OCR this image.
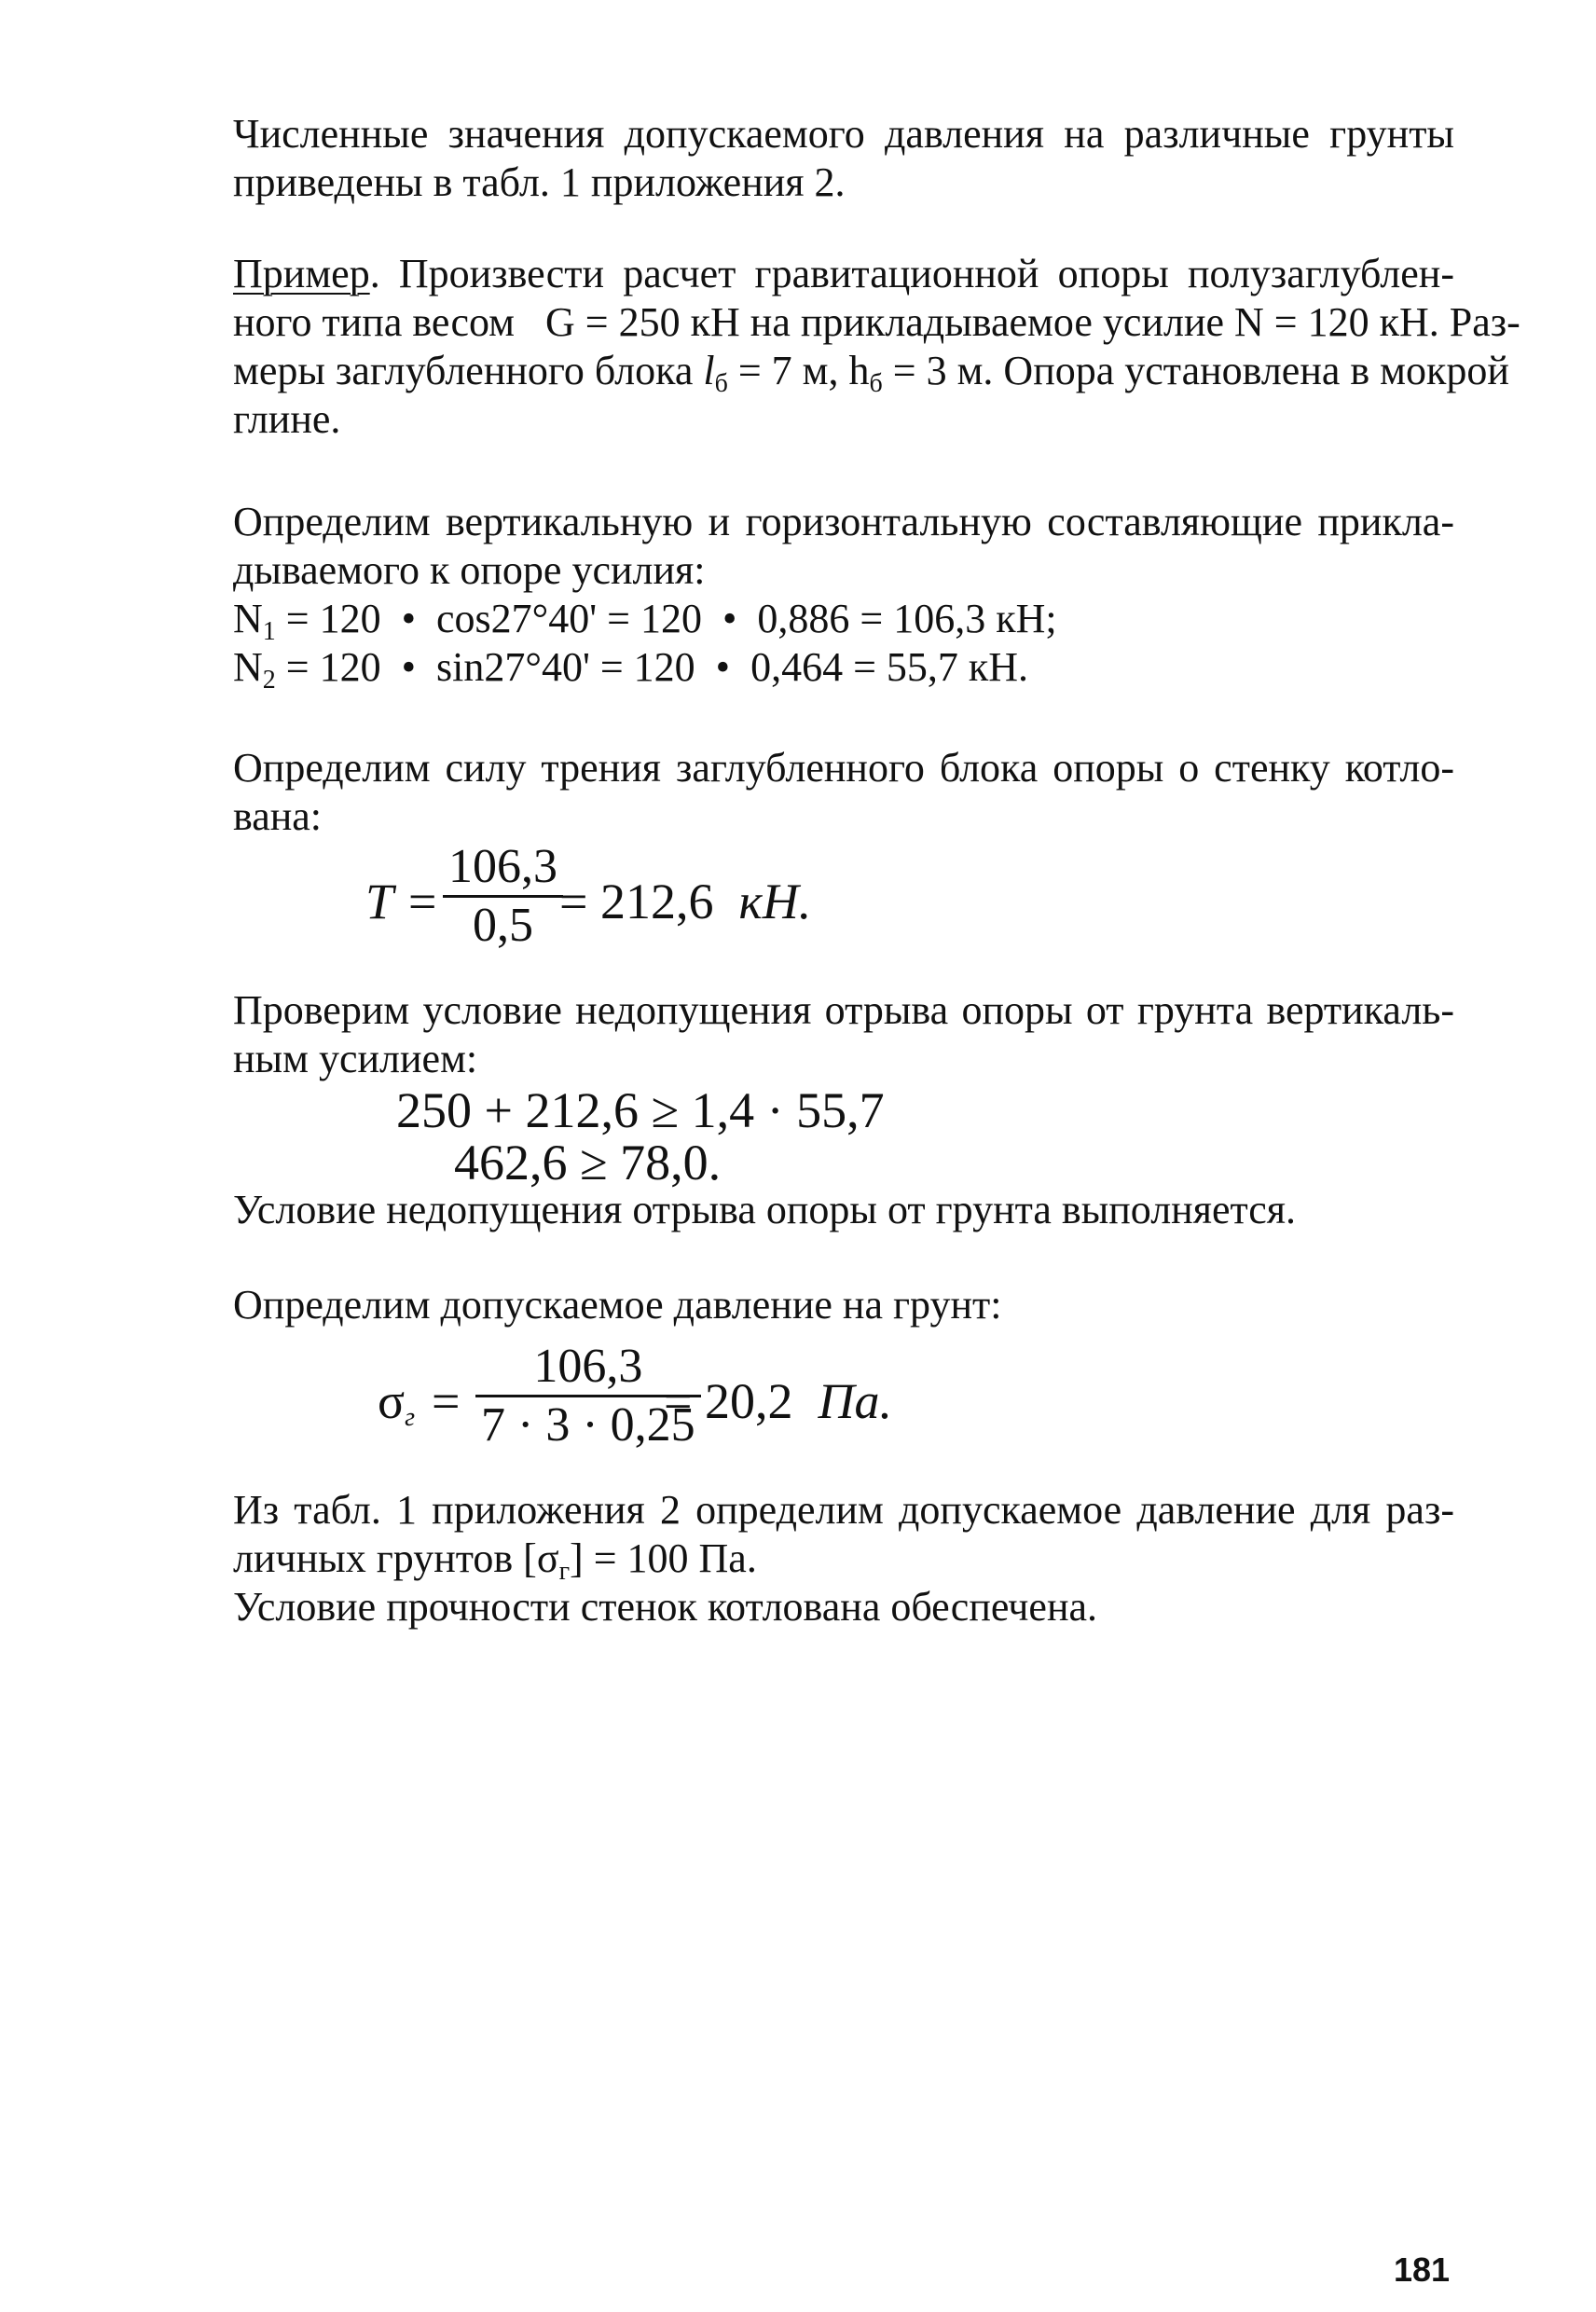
Численные значения допускаемого давления на различные грунты
приведены в табл. 1 приложения 2.
Пример. Произвести расчет гравитационной опоры полузаглублен-
ного типа весом   G = 250 кН на прикладываемое усилие N = 120 кН. Раз-
меры заглубленного блока $l_б = 7$ м, $h_б = 3$ м. Опора установлена в мокрой
глине.
Определим вертикальную и горизонтальную составляющие прикла-
дываемого к опоре усилия:
$N_1 = 120$  •  cos27°40' = 120  •  0,886 = 106,3 кН;
$N_2 = 120$  •  sin27°40' = 120  •  0,464 = 55,7 кН.
Определим силу трения заглубленного блока опоры о стенку котло-
вана:
T =
106,3
0,5 = 212,6  кН.
Проверим условие недопущения отрыва опоры от грунта вертикаль-
ным усилием:
250 + 212,6 ≥ 1,4 · 55,7
462,6 ≥ 78,0.
Условие недопущения отрыва опоры от грунта выполняется.
Определим допускаемое давление на грунт:
$\sigma_г$ =
106,3
7 · 3 · 0,25
= 20,2  Па.
Из табл. 1 приложения 2 определим допускаемое давление для раз-
личных грунтов $[\sigma_г] = 100$ Па.
Условие прочности стенок котлована обеспечена.
181
